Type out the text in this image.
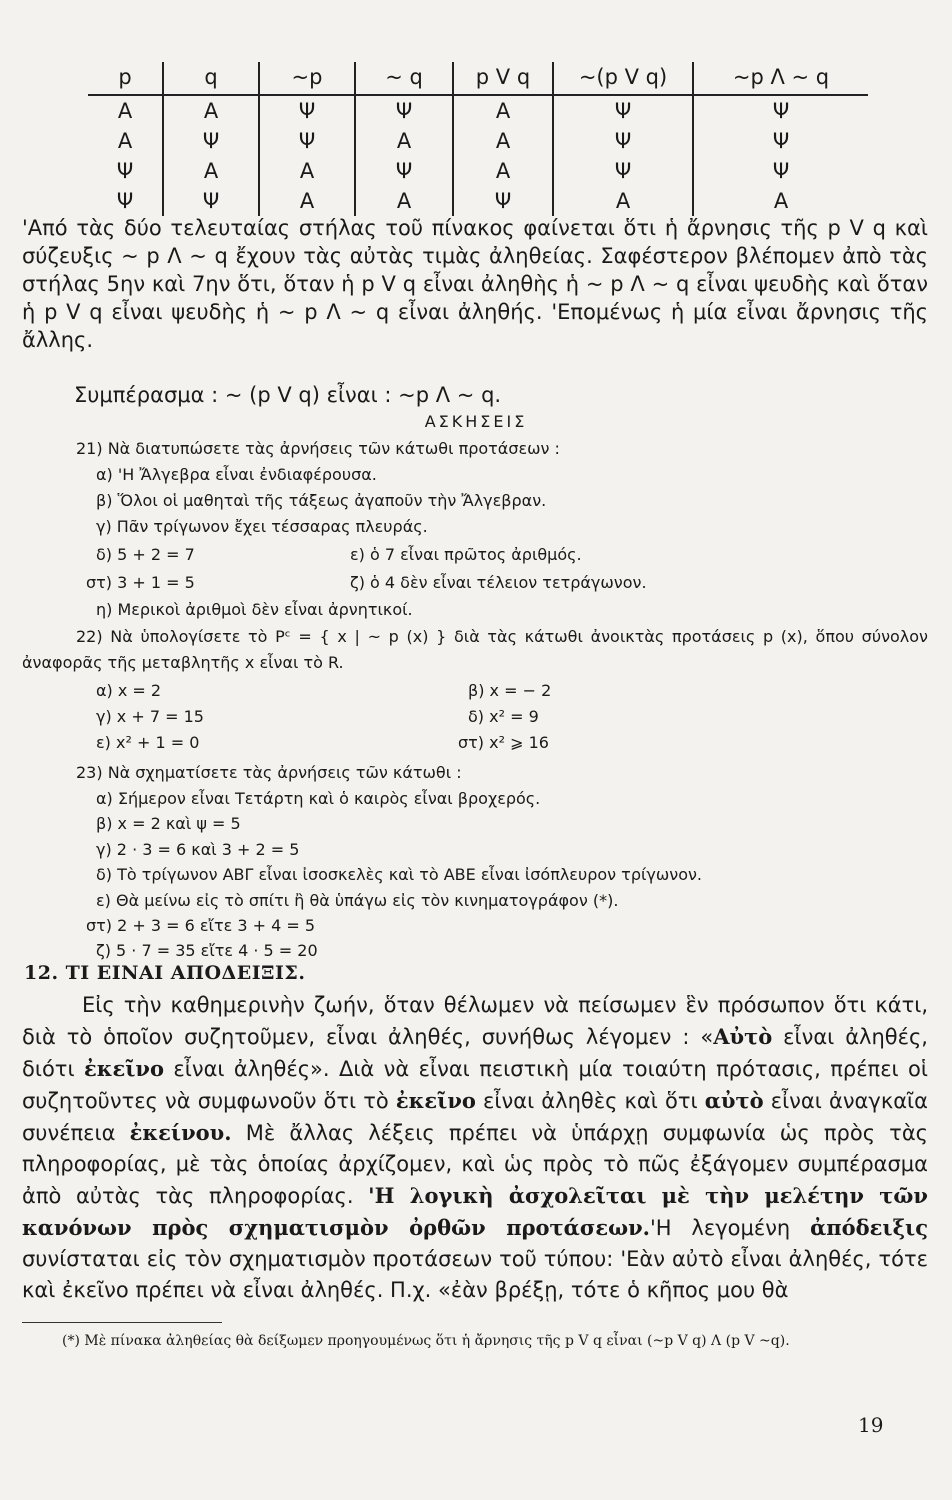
p	q	~p	~ q	p V q	~(p V q)	~p Λ ~ q
A	A	Ψ	Ψ	A	Ψ	Ψ
A	Ψ	Ψ	A	A	Ψ	Ψ
Ψ	A	A	Ψ	A	Ψ	Ψ
Ψ	Ψ	A	A	Ψ	A	A

'Από τὰς δύο τελευταίας στήλας τοῦ πίνακος φαίνεται ὅτι ἡ ἄρνησις τῆς p V q καὶ σύζευξις ~ p Λ ~ q ἔχουν τὰς αὐτὰς τιμὰς ἀληθείας. Σαφέστερον βλέπομεν ἀπὸ τὰς στήλας 5ην καὶ 7ην ὅτι, ὅταν ἡ p V q εἶναι ἀληθὴς ἡ ~ p Λ ~ q εἶναι ψευδὴς καὶ ὅταν ἡ p V q εἶναι ψευδὴς ἡ ~ p Λ ~ q εἶναι ἀληθής. 'Επομένως ἡ μία εἶναι ἄρνησις τῆς ἄλλης.

Συμπέρασμα : ~ (p V q) εἶναι : ~p Λ ~ q.

ΑΣΚΗΣΕΙΣ

21) Νὰ διατυπώσετε τὰς ἀρνήσεις τῶν κάτωθι προτάσεων :

α) 'Η Ἄλγεβρα εἶναι ἐνδιαφέρουσα.

β) Ὅλοι οἱ μαθηταὶ τῆς τάξεως ἀγαποῦν τὴν Ἄλγεβραν.

γ) Πᾶν τρίγωνον ἔχει τέσσαρας πλευράς.

δ) 5 + 2 = 7	ε) ὁ 7 εἶναι πρῶτος ἀριθμός.

στ) 3 + 1 = 5	ζ) ὁ 4 δὲν εἶναι τέλειον τετράγωνον.

η) Μερικοὶ ἀριθμοὶ δὲν εἶναι ἀρνητικοί.

22) Νὰ ὑπολογίσετε τὸ Pᶜ = { x | ~ p (x) } διὰ τὰς κάτωθι ἀνοικτὰς προτάσεις p (x), ὅπου σύνολον ἀναφορᾶς τῆς μεταβλητῆς x εἶναι τὸ R.

α) x = 2	β) x = − 2

γ) x + 7 = 15	δ) x² = 9

ε) x² + 1 = 0	στ) x² ⩾ 16

23) Νὰ σχηματίσετε τὰς ἀρνήσεις τῶν κάτωθι :

α) Σήμερον εἶναι Τετάρτη καὶ ὁ καιρὸς εἶναι βροχερός.

β) x = 2 καὶ ψ = 5

γ) 2 · 3 = 6 καὶ 3 + 2 = 5

δ) Τὸ τρίγωνον ΑΒΓ εἶναι ἰσοσκελὲς καὶ τὸ ΑΒΕ εἶναι ἰσόπλευρον τρίγωνον.

ε) Θὰ μείνω εἰς τὸ σπίτι ἢ θὰ ὑπάγω εἰς τὸν κινηματογράφον (*).

στ) 2 + 3 = 6 εἴτε 3 + 4 = 5

ζ) 5 · 7 = 35 εἴτε 4 · 5 = 20

12. ΤΙ ΕΙΝΑΙ ΑΠΟΔΕΙΞΙΣ.

Εἰς τὴν καθημερινὴν ζωήν, ὅταν θέλωμεν νὰ πείσωμεν ἓν πρόσωπον ὅτι κάτι, διὰ τὸ ὁποῖον συζητοῦμεν, εἶναι ἀληθές, συνήθως λέγομεν : «Αὐτὸ εἶναι ἀληθές, διότι ἐκεῖνο εἶναι ἀληθές». Διὰ νὰ εἶναι πειστικὴ μία τοιαύτη πρότασις, πρέπει οἱ συζητοῦντες νὰ συμφωνοῦν ὅτι τὸ ἐκεῖνο εἶναι ἀληθὲς καὶ ὅτι αὐτὸ εἶναι ἀναγκαῖα συνέπεια ἐκείνου. Μὲ ἄλλας λέξεις πρέπει νὰ ὑπάρχῃ συμφωνία ὡς πρὸς τὰς πληροφορίας, μὲ τὰς ὁποίας ἀρχίζομεν, καὶ ὡς πρὸς τὸ πῶς ἐξάγομεν συμπέρασμα ἀπὸ αὐτὰς τὰς πληροφορίας. 'Η λογικὴ ἀσχολεῖται μὲ τὴν μελέτην τῶν κανόνων πρὸς σχηματισμὸν ὀρθῶν προτάσεων.'Η λεγομένη ἀπόδειξις συνίσταται εἰς τὸν σχηματισμὸν προτάσεων τοῦ τύπου: 'Εὰν αὐτὸ εἶναι ἀληθές, τότε καὶ ἐκεῖνο πρέπει νὰ εἶναι ἀληθές. Π.χ. «ἐὰν βρέξῃ, τότε ὁ κῆπος μου θὰ

(*) Μὲ πίνακα ἀληθείας θὰ δείξωμεν προηγουμένως ὅτι ἡ ἄρνησις τῆς p V q εἶναι (~p V q) Λ (p V ~q).

19
